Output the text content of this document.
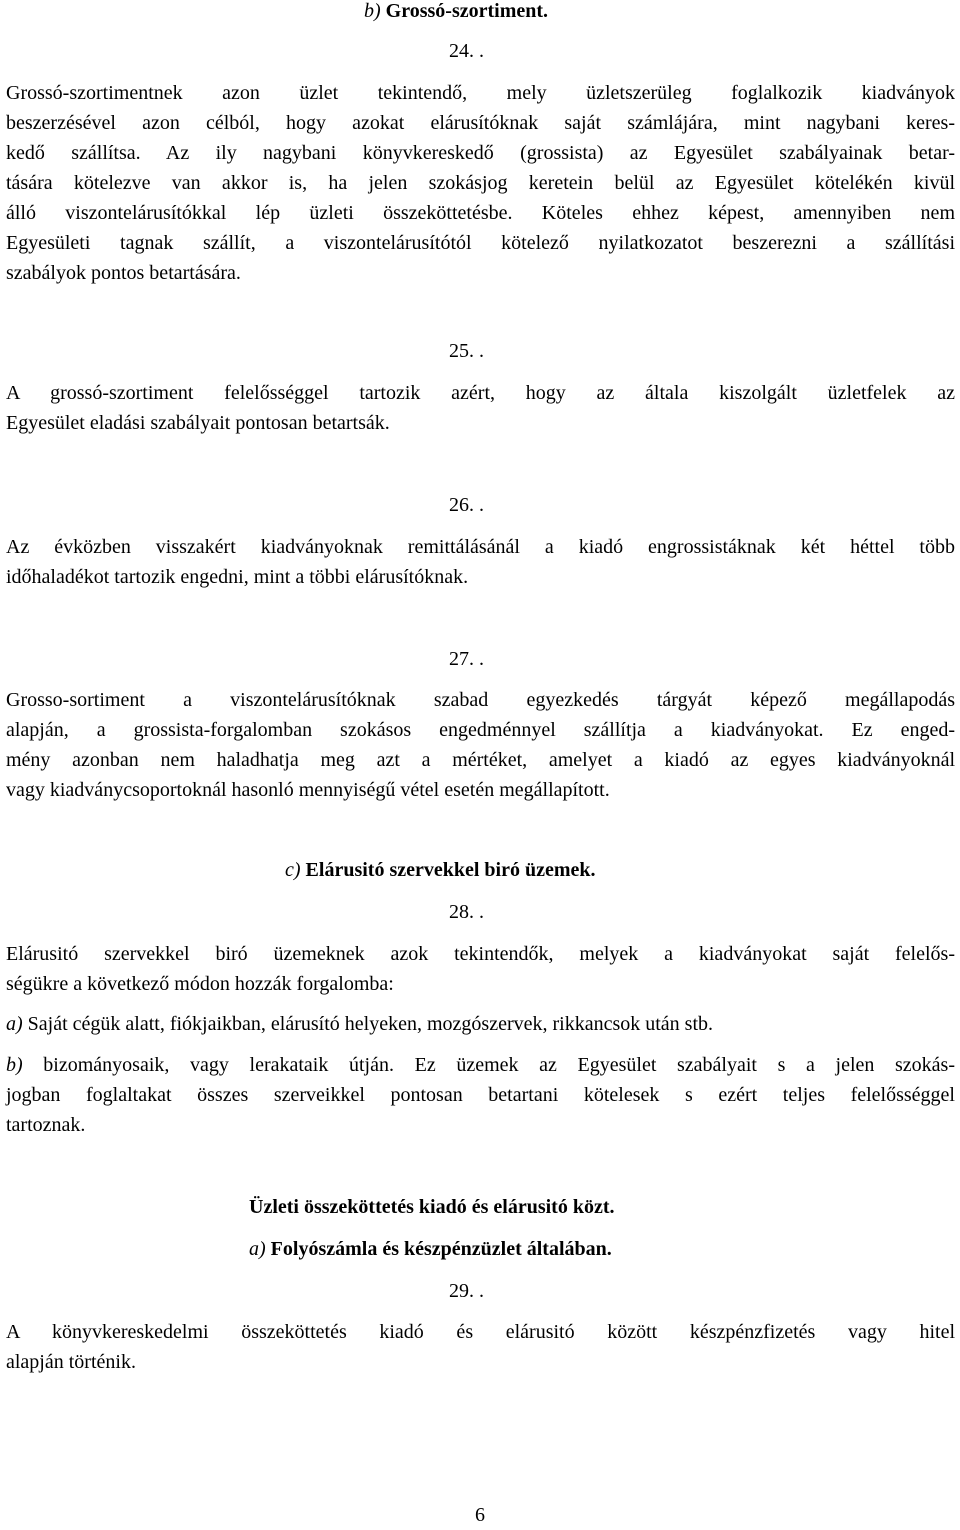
b) Grossó-szortiment.
24. .
Grossó-szortimentnek azon üzlet tekintendő, mely üzletszerüleg foglalkozik kiadványok
beszerzésével azon célból, hogy azokat elárusítóknak saját számlájára, mint nagybani keres-
kedő szállítsa. Az ily nagybani könyvkereskedő (grossista) az Egyesület szabályainak betar-
tására kötelezve van akkor is, ha jelen szokásjog keretein belül az Egyesület kötelékén kivül
álló viszontelárusítókkal lép üzleti összeköttetésbe. Köteles ehhez képest, amennyiben nem
Egyesületi tagnak szállít, a viszontelárusítótól kötelező nyilatkozatot beszerezni a szállítási
szabályok pontos betartására.
25. .
A grossó-szortiment felelősséggel tartozik azért, hogy az általa kiszolgált üzletfelek az
Egyesület eladási szabályait pontosan betartsák.
26. .
Az évközben visszakért kiadványoknak remittálásánál a kiadó engrossistáknak két héttel több
időhaladékot tartozik engedni, mint a többi elárusítóknak.
27. .
Grosso-sortiment a viszontelárusítóknak szabad egyezkedés tárgyát képező megállapodás
alapján, a grossista-forgalomban szokásos engedménnyel szállítja a kiadványokat. Ez enged-
mény azonban nem haladhatja meg azt a mértéket, amelyet a kiadó az egyes kiadványoknál
vagy kiadványcsoportoknál hasonló mennyiségű vétel esetén megállapított.
c) Elárusitó szervekkel biró üzemek.
28. .
Elárusitó szervekkel biró üzemeknek azok tekintendők, melyek a kiadványokat saját felelős-
ségükre a következő módon hozzák forgalomba:
a) Saját cégük alatt, fiókjaikban, elárusító helyeken, mozgószervek, rikkancsok után stb.
b) bizományosaik, vagy lerakataik útján. Ez üzemek az Egyesület szabályait s a jelen szokás-
jogban foglaltakat összes szerveikkel pontosan betartani kötelesek s ezért teljes felelősséggel
tartoznak.
Üzleti összeköttetés kiadó és elárusitó közt.
a) Folyószámla és készpénzüzlet általában.
29. .
A könyvkereskedelmi összeköttetés kiadó és elárusitó között készpénzfizetés vagy hitel
alapján történik.
6
